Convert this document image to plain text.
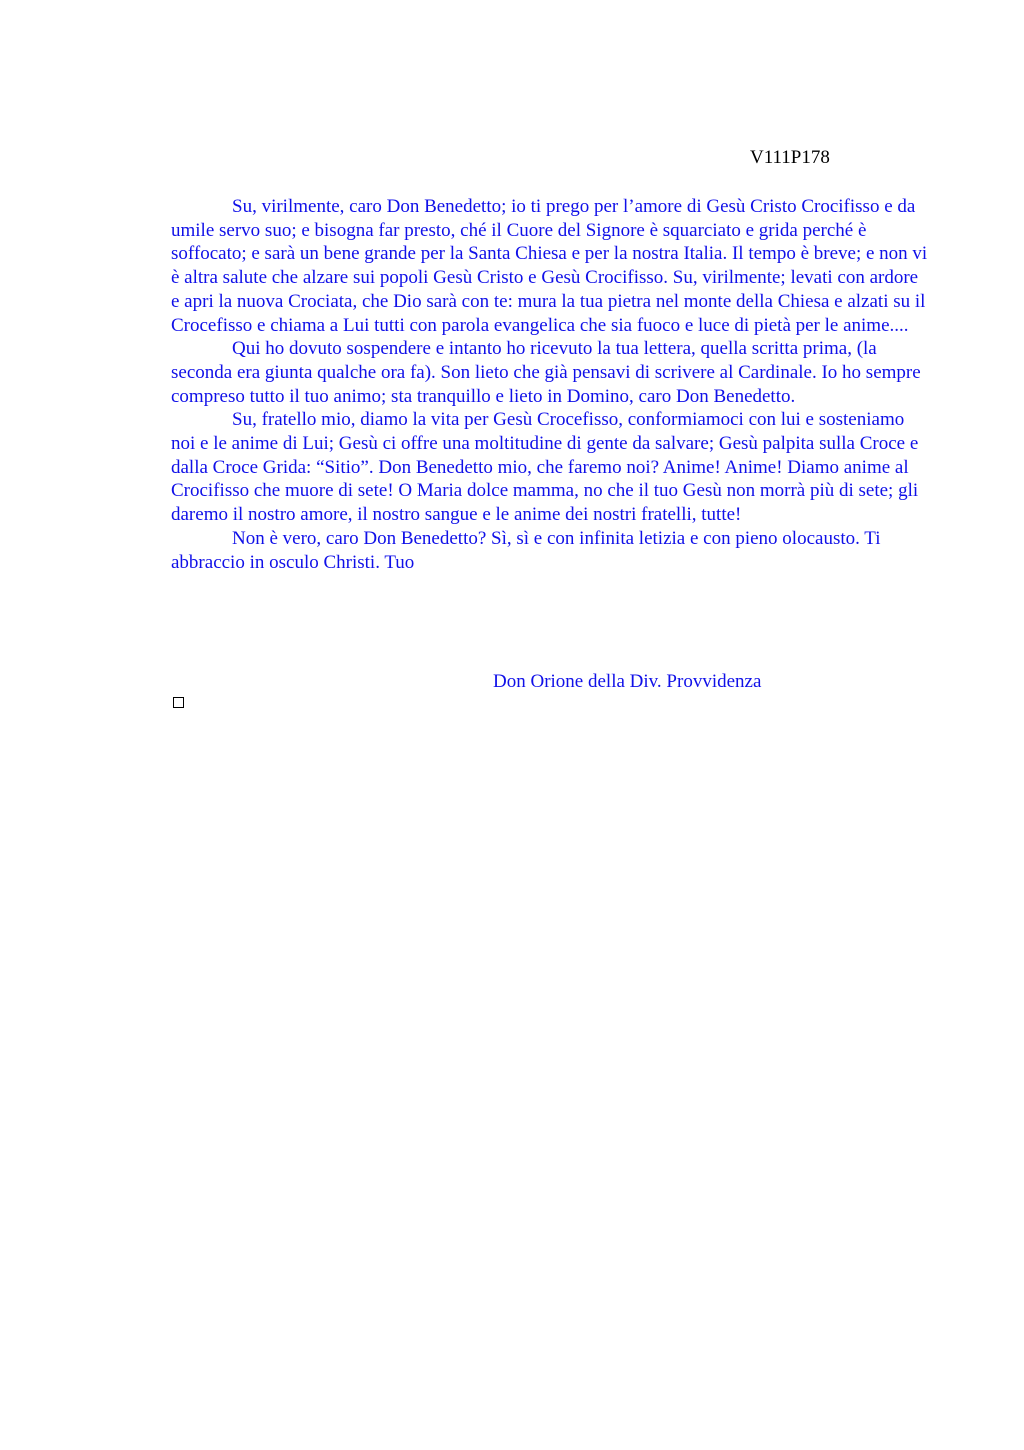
V111P178

Su, virilmente, caro Don Benedetto; io ti prego per l’amore di Gesù Cristo Crocifisso e da umile servo suo; e bisogna far presto, ché il Cuore del Signore è squarciato e grida perché è soffocato; e sarà un bene grande per la Santa Chiesa e per la nostra Italia. Il tempo è breve; e non vi è altra salute che alzare sui popoli Gesù Cristo e Gesù Crocifisso. Su, virilmente; levati con ardore e apri la nuova Crociata, che Dio sarà con te: mura la tua pietra nel monte della Chiesa e alzati su il Crocefisso e chiama a Lui tutti con parola evangelica che sia fuoco e luce di pietà per le anime....

Qui ho dovuto sospendere e intanto ho ricevuto la tua lettera, quella scritta prima, (la seconda era giunta qualche ora fa). Son lieto che già pensavi di scrivere al Cardinale. Io ho sempre compreso tutto il tuo animo; sta tranquillo e lieto in Domino, caro Don Benedetto.

Su, fratello mio, diamo la vita per Gesù Crocefisso, conformiamoci con lui e sosteniamo noi e le anime di Lui; Gesù ci offre una moltitudine di gente da salvare; Gesù palpita sulla Croce e dalla Croce Grida: “Sitio”. Don Benedetto mio, che faremo noi? Anime! Anime! Diamo anime al Crocifisso che muore di sete! O Maria dolce mamma, no che il tuo Gesù non morrà più di sete; gli daremo il nostro amore, il nostro sangue e le anime dei nostri fratelli, tutte!

Non è vero, caro Don Benedetto? Sì, sì e con infinita letizia e con pieno olocausto. Ti abbraccio in osculo Christi. Tuo

Don Orione della Div. Provvidenza
